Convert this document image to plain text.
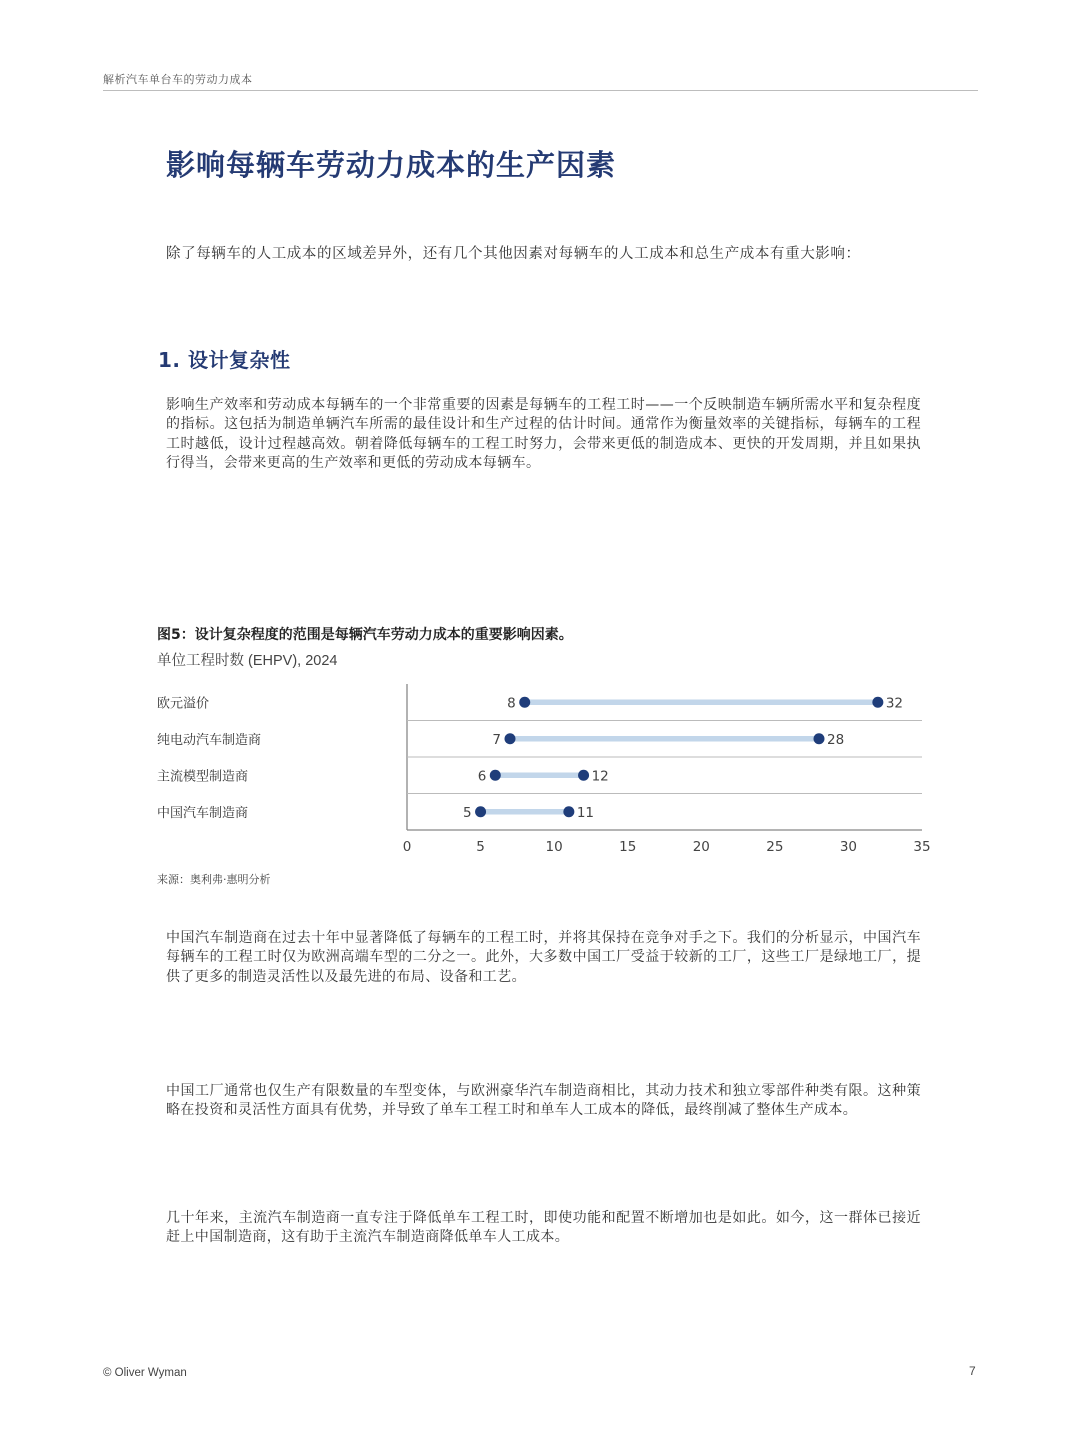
解析汽车单台车的劳动力成本
影响每辆车劳动力成本的生产因素

除了每辆车的人工成本的区域差异外，还有几个其他因素对每辆车的人工成本和总生产成本有重大影响：

1. 设计复杂性

影响生产效率和劳动成本每辆车的一个非常重要的因素是每辆车的工程工时——一个反映制造车辆所需水平和复杂程度的指标。这包括为制造单辆汽车所需的最佳设计和生产过程的估计时间。通常作为衡量效率的关键指标，每辆车的工程工时越低，设计过程越高效。朝着降低每辆车的工程工时努力，会带来更低的制造成本、更快的开发周期，并且如果执行得当，会带来更高的生产效率和更低的劳动成本每辆车。

图5：设计复杂程度的范围是每辆汽车劳动力成本的重要影响因素。

单位工程时数 (EHPV), 2024

欧元溢价	8	32
纯电动汽车制造商	7	28
主流模型制造商	6	12
中国汽车制造商	5	11
0	5	10	15	20	25	30	35

来源：奥利弗·惠明分析

中国汽车制造商在过去十年中显著降低了每辆车的工程工时，并将其保持在竞争对手之下。我们的分析显示，中国汽车每辆车的工程工时仅为欧洲高端车型的二分之一。此外，大多数中国工厂受益于较新的工厂，这些工厂是绿地工厂，提供了更多的制造灵活性以及最先进的布局、设备和工艺。

中国工厂通常也仅生产有限数量的车型变体，与欧洲豪华汽车制造商相比，其动力技术和独立零部件种类有限。这种策略在投资和灵活性方面具有优势，并导致了单车工程工时和单车人工成本的降低，最终削减了整体生产成本。

几十年来，主流汽车制造商一直专注于降低单车工程工时，即使功能和配置不断增加也是如此。如今，这一群体已接近赶上中国制造商，这有助于主流汽车制造商降低单车人工成本。

© Oliver Wyman	7
